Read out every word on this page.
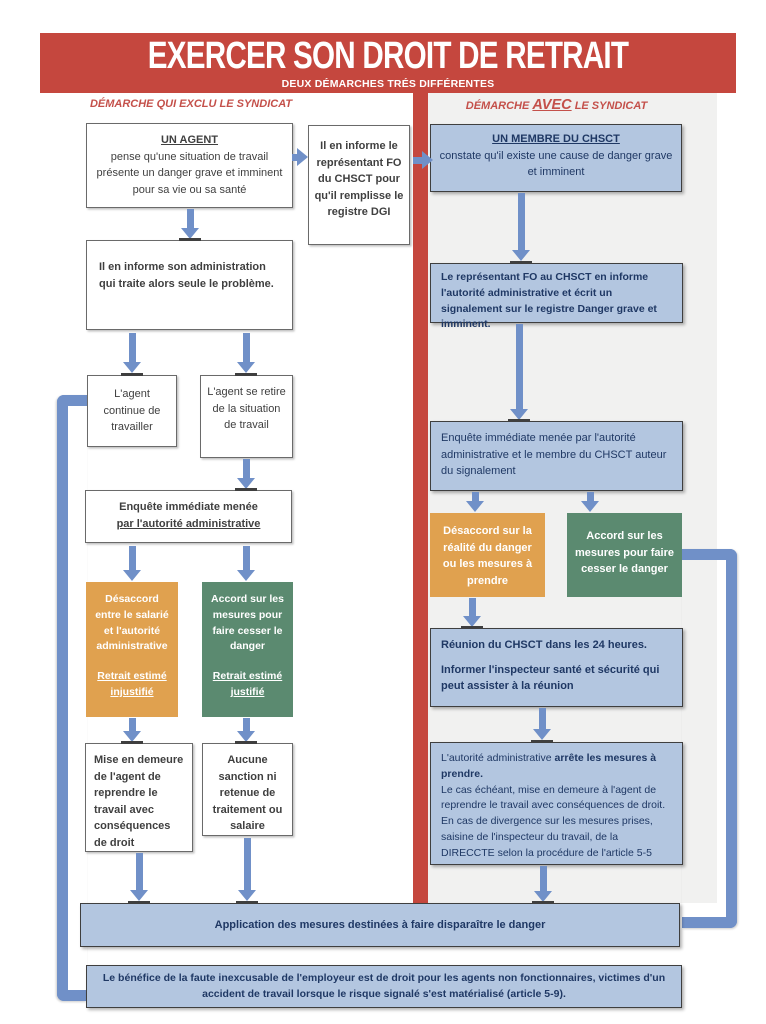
EXERCER SON DROIT DE RETRAIT
DEUX DÉMARCHES TRÉS DIFFÉRENTES
DÉMARCHE QUI EXCLU LE SYNDICAT	DÉMARCHE AVEC LE SYNDICAT
UN AGENT
pense qu'une situation de travail présente un danger grave et imminent pour sa vie ou sa santé
Il en informe le représentant FO du CHSCT pour qu'il remplisse le registre DGI
Il en informe son administration qui traite alors seule le problème.
L'agent continue de travailler
L'agent se retire de la situation de travail
Enquête immédiate menée
par l'autorité administrative
Désaccord entre le salarié et l'autorité administrative
Retrait estimé injustifié
Accord sur les mesures pour faire cesser le danger
Retrait estimé justifié
Mise en demeure de l'agent de reprendre le travail avec conséquences de droit
Aucune sanction ni retenue de traitement ou salaire
UN MEMBRE DU CHSCT
constate qu'il existe une cause de danger grave et imminent
Le représentant FO au CHSCT en informe l'autorité administrative et écrit un signalement sur le registre Danger grave et imminent.
Enquête immédiate menée par l'autorité administrative et le membre du CHSCT auteur du signalement
Désaccord sur la réalité du danger ou les mesures à prendre
Accord sur les mesures pour faire cesser le danger
Réunion du CHSCT dans les 24 heures.
Informer l'inspecteur santé et sécurité qui peut assister à la réunion
L'autorité administrative arrête les mesures à prendre.
Le cas échéant, mise en demeure à l'agent de reprendre le travail avec conséquences de droit.
En cas de divergence sur les mesures prises, saisine de l'inspecteur du travail, de la DIRECCTE selon la procédure de l'article 5-5
Application des mesures destinées à faire disparaître le danger
Le bénéfice de la faute inexcusable de l'employeur est de droit pour les agents non fonctionnaires, victimes d'un accident de travail lorsque le risque signalé s'est matérialisé (article 5-9).
